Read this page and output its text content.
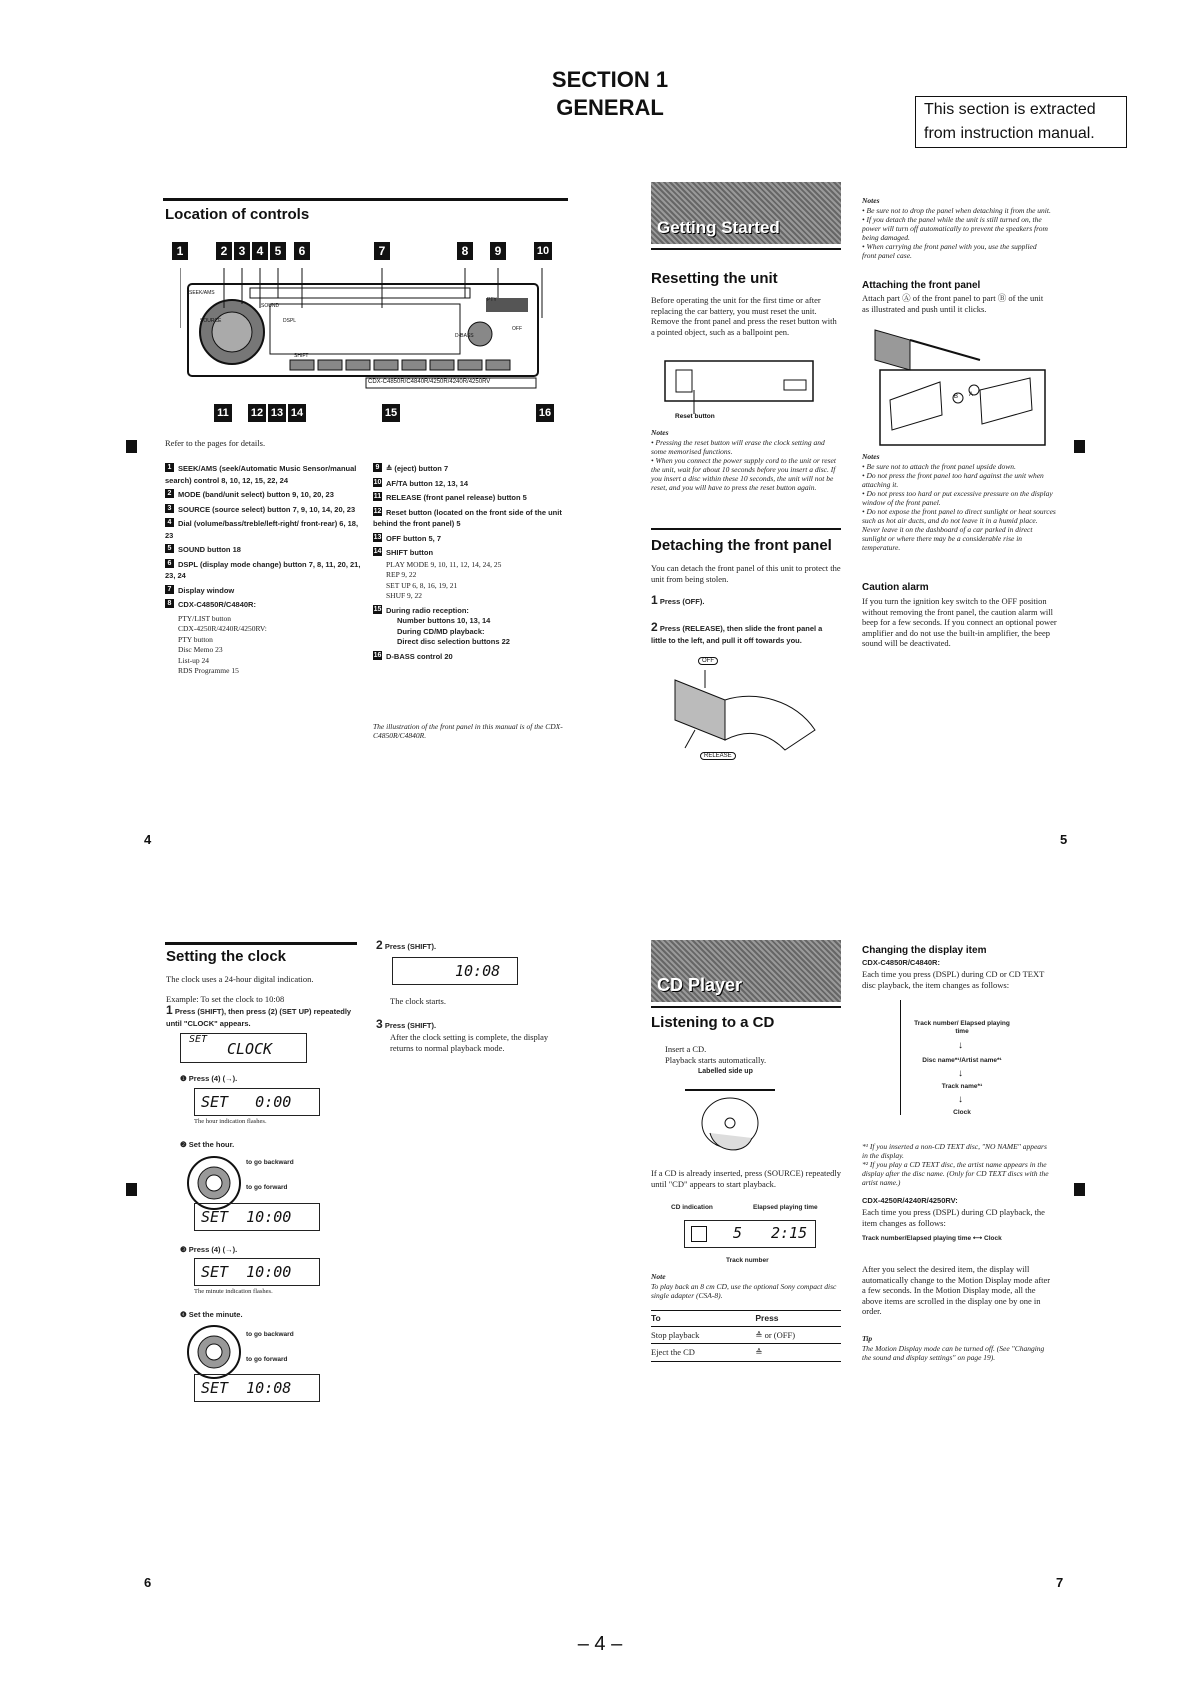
SECTION 1
GENERAL	This section is extracted
from instruction manual.
Location of controls
1	2 3 4 5	6	7	8	9	10
CDX-C4850R/C4840R/4250R/4240R/4250RV
SEEK/AMS
SOUND
DSPL
PTY
D-BASS
OFF
SHIFT
SOURCE
11 12 13 14	15	16
Refer to the pages for details.
1 SEEK/AMS (seek/Automatic Music Sensor/manual search) control 8, 10, 12, 15, 22, 24
2 MODE (band/unit select) button 9, 10, 20, 23
3 SOURCE (source select) button 7, 9, 10, 14, 20, 23
4 Dial (volume/bass/treble/left-right/ front-rear) 6, 18, 23
5 SOUND button 18
6 DSPL (display mode change) button 7, 8, 11, 20, 21, 23, 24
7 Display window
8 CDX-C4850R/C4840R:
PTY/LIST button
CDX-4250R/4240R/4250RV:
PTY button
Disc Memo 23
List-up 24
RDS Programme 15
9 ≙ (eject) button 7
10 AF/TA button 12, 13, 14
11 RELEASE (front panel release) button 5
12 Reset button (located on the front side of the unit behind the front panel) 5
13 OFF button 5, 7
14 SHIFT button
PLAY MODE 9, 10, 11, 12, 14, 24, 25
REP 9, 22
SET UP 6, 8, 16, 19, 21
SHUF 9, 22
15 During radio reception:
Number buttons 10, 13, 14
During CD/MD playback:
Direct disc selection buttons 22
16 D-BASS control 20
The illustration of the front panel in this manual is of the CDX-C4850R/C4840R.
4
Getting Started
Resetting the unit
Before operating the unit for the first time or after replacing the car battery, you must reset the unit. Remove the front panel and press the reset button with a pointed object, such as a ballpoint pen.
Reset button
Notes
• Pressing the reset button will erase the clock setting and some memorised functions.
• When you connect the power supply cord to the unit or reset the unit, wait for about 10 seconds before you insert a disc. If you insert a disc within these 10 seconds, the unit will not be reset, and you will have to press the reset button again.
Detaching the front panel
You can detach the front panel of this unit to protect the unit from being stolen.
1 Press (OFF).
2 Press (RELEASE), then slide the front panel a little to the left, and pull it off towards you.
OFF
RELEASE
Notes
• Be sure not to drop the panel when detaching it from the unit.
• If you detach the panel while the unit is still turned on, the power will turn off automatically to prevent the speakers from being damaged.
• When carrying the front panel with you, use the supplied front panel case.
Attaching the front panel
Attach part Ⓐ of the front panel to part Ⓑ of the unit as illustrated and push until it clicks.
A
B
Notes
• Be sure not to attach the front panel upside down.
• Do not press the front panel too hard against the unit when attaching it.
• Do not press too hard or put excessive pressure on the display window of the front panel.
• Do not expose the front panel to direct sunlight or heat sources such as hot air ducts, and do not leave it in a humid place. Never leave it on the dashboard of a car parked in direct sunlight or where there may be a considerable rise in temperature.
Caution alarm
If you turn the ignition key switch to the OFF position without removing the front panel, the caution alarm will beep for a few seconds. If you connect an optional power amplifier and do not use the built-in amplifier, the beep sound will be deactivated.
5
Setting the clock
The clock uses a 24-hour digital indication.
Example: To set the clock to 10:08
1 Press (SHIFT), then press (2) (SET UP) repeatedly until "CLOCK" appears.
SET
CLOCK
❶ Press (4) (→).
SET   0:00
The hour indication flashes.
❷ Set the hour.
to go backward
to go forward
SET  10:00
❸ Press (4) (→).
SET  10:00
The minute indication flashes.
❹ Set the minute.
to go backward
to go forward
SET  10:08
2 Press (SHIFT).
10:08
The clock starts.
3 Press (SHIFT).
After the clock setting is complete, the display returns to normal playback mode.
6
CD Player
Listening to a CD
Insert a CD.
Playback starts automatically.
Labelled side up
If a CD is already inserted, press (SOURCE) repeatedly until "CD" appears to start playback.
CD indication	Elapsed playing time
5 2:15
Track number
Note
To play back an 8 cm CD, use the optional Sony compact disc single adapter (CSA-8).
To	Press
Stop playback	≙ or (OFF)
Eject the CD	≙
Changing the display item
CDX-C4850R/C4840R:
Each time you press (DSPL) during CD or CD TEXT disc playback, the item changes as follows:
Track number/ Elapsed playing time
↓
Disc name*¹/Artist name*¹
↓
Track name*¹
↓
Clock
*¹ If you inserted a non-CD TEXT disc, "NO NAME" appears in the display.
*² If you play a CD TEXT disc, the artist name appears in the display after the disc name. (Only for CD TEXT discs with the artist name.)
CDX-4250R/4240R/4250RV:
Each time you press (DSPL) during CD playback, the item changes as follows:
Track number/Elapsed playing time ⟷ Clock
After you select the desired item, the display will automatically change to the Motion Display mode after a few seconds. In the Motion Display mode, all the above items are scrolled in the display one by one in order.
Tip
The Motion Display mode can be turned off. (See "Changing the sound and display settings" on page 19).
7
– 4 –
